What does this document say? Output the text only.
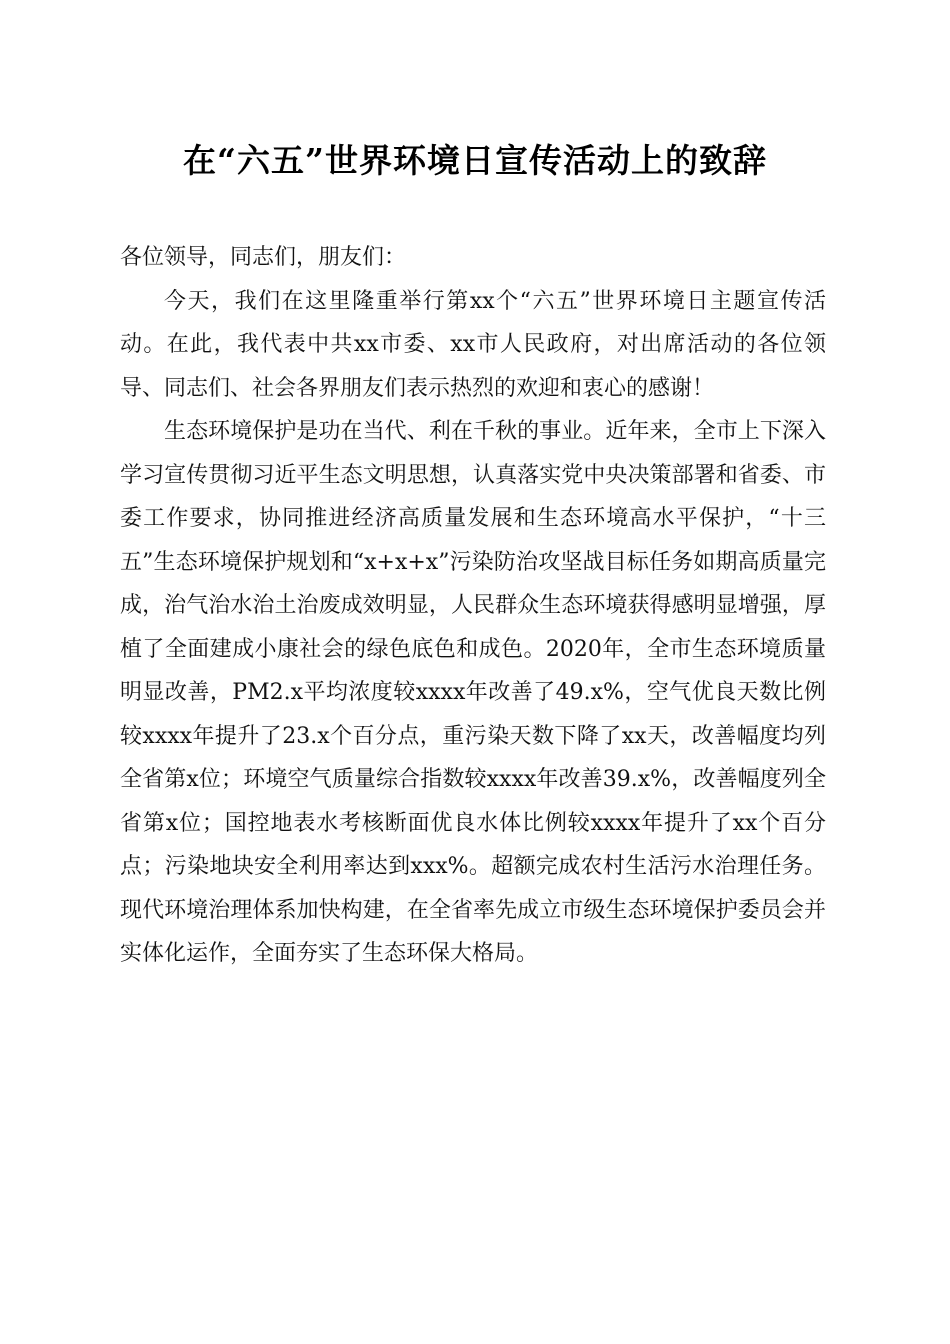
在“六五”世界环境日宣传活动上的致辞

各位领导，同志们，朋友们：

今天，我们在这里隆重举行第xx个“六五”世界环境日主题宣传活动。在此，我代表中共xx市委、xx市人民政府，对出席活动的各位领导、同志们、社会各界朋友们表示热烈的欢迎和衷心的感谢！

生态环境保护是功在当代、利在千秋的事业。近年来，全市上下深入学习宣传贯彻习近平生态文明思想，认真落实党中央决策部署和省委、市委工作要求，协同推进经济高质量发展和生态环境高水平保护，“十三五”生态环境保护规划和“x+x+x”污染防治攻坚战目标任务如期高质量完成，治气治水治土治废成效明显，人民群众生态环境获得感明显增强，厚植了全面建成小康社会的绿色底色和成色。2020年，全市生态环境质量明显改善，PM2.x平均浓度较xxxx年改善了49.x%，空气优良天数比例较xxxx年提升了23.x个百分点，重污染天数下降了xx天，改善幅度均列全省第x位；环境空气质量综合指数较xxxx年改善39.x%，改善幅度列全省第x位；国控地表水考核断面优良水体比例较xxxx年提升了xx个百分点；污染地块安全利用率达到xxx%。超额完成农村生活污水治理任务。现代环境治理体系加快构建，在全省率先成立市级生态环境保护委员会并实体化运作，全面夯实了生态环保大格局。
